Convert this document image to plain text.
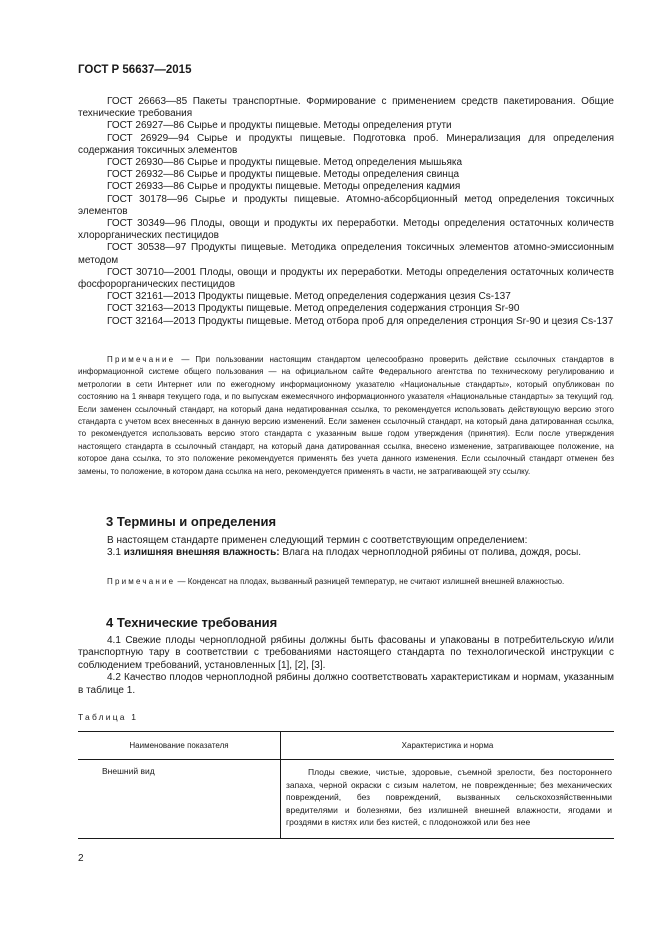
ГОСТ Р 56637—2015

ГОСТ 26663—85 Пакеты транспортные. Формирование с применением средств пакетирования. Общие технические требования

ГОСТ 26927—86 Сырье и продукты пищевые. Методы определения ртути

ГОСТ 26929—94 Сырье и продукты пищевые. Подготовка проб. Минерализация для определения содержания токсичных элементов

ГОСТ 26930—86 Сырье и продукты пищевые. Метод определения мышьяка

ГОСТ 26932—86 Сырье и продукты пищевые. Методы определения свинца

ГОСТ 26933—86 Сырье и продукты пищевые. Методы определения кадмия

ГОСТ 30178—96 Сырье и продукты пищевые. Атомно-абсорбционный метод определения токсичных элементов

ГОСТ 30349—96 Плоды, овощи и продукты их переработки. Методы определения остаточных количеств хлорорганических пестицидов

ГОСТ 30538—97 Продукты пищевые. Методика определения токсичных элементов атомно-эмиссионным методом

ГОСТ 30710—2001 Плоды, овощи и продукты их переработки. Методы определения остаточных количеств фосфорорганических пестицидов

ГОСТ 32161—2013 Продукты пищевые. Метод определения содержания цезия Cs-137

ГОСТ 32163—2013 Продукты пищевые. Метод определения содержания стронция Sr-90

ГОСТ 32164—2013 Продукты пищевые. Метод отбора проб для определения стронция Sr-90 и цезия Cs-137

Примечание — При пользовании настоящим стандартом целесообразно проверить действие ссылочных стандартов в информационной системе общего пользования — на официальном сайте Федерального агентства по техническому регулированию и метрологии в сети Интернет или по ежегодному информационному указателю «Национальные стандарты», который опубликован по состоянию на 1 января текущего года, и по выпускам ежемесячного информационного указателя «Национальные стандарты» за текущий год. Если заменен ссылочный стандарт, на который дана недатированная ссылка, то рекомендуется использовать действующую версию этого стандарта с учетом всех внесенных в данную версию изменений. Если заменен ссылочный стандарт, на который дана датированная ссылка, то рекомендуется использовать версию этого стандарта с указанным выше годом утверждения (принятия). Если после утверждения настоящего стандарта в ссылочный стандарт, на который дана датированная ссылка, внесено изменение, затрагивающее положение, на которое дана ссылка, то это положение рекомендуется применять без учета данного изменения. Если ссылочный стандарт отменен без замены, то положение, в котором дана ссылка на него, рекомендуется применять в части, не затрагивающей эту ссылку.

3 Термины и определения

В настоящем стандарте применен следующий термин с соответствующим определением:

3.1 излишняя внешняя влажность: Влага на плодах черноплодной рябины от полива, дождя, росы.

Примечание — Конденсат на плодах, вызванный разницей температур, не считают излишней внешней влажностью.

4 Технические требования

4.1 Свежие плоды черноплодной рябины должны быть фасованы и упакованы в потребительскую и/или транспортную тару в соответствии с требованиями настоящего стандарта по технологической инструкции с соблюдением требований, установленных [1], [2], [3].

4.2 Качество плодов черноплодной рябины должно соответствовать характеристикам и нормам, указанным в таблице 1.

Таблица 1
Наименование показателя	Характеристика и норма
Внешний вид	Плоды свежие, чистые, здоровые, съемной зрелости, без постороннего запаха, черной окраски с сизым налетом, не поврежденные; без механических повреждений, без повреждений, вызванных сельскохозяйственными вредителями и болезнями, без излишней внешней влажности, ягодами и гроздями в кистях или без кистей, с плодоножкой или без нее

2
